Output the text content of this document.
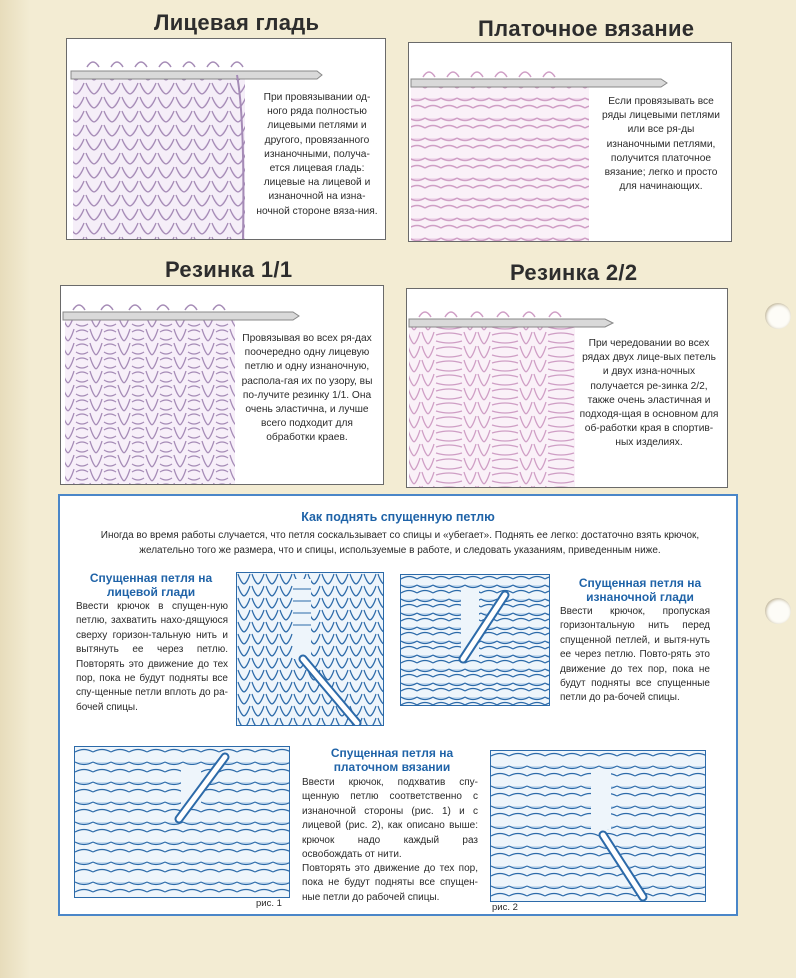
Лицевая гладь	Платочное вязание
При провязывании од-ного ряда полностью лицевыми петлями и другого, провязанного изнаночными, получа-ется лицевая гладь: лицевые на лицевой и изнаночной на изна-ночной стороне вяза-ния.
Если провязывать все ряды лицевыми петлями или все ря-ды изнаночными петлями, получится платочное вязание; легко и просто для начинающих.
Резинка 1/1	Резинка 2/2
Провязывая во всех ря-дах поочередно одну лицевую петлю и одну изнаночную, распола-гая их по узору, вы по-лучите резинку 1/1. Она очень эластична, и лучше всего подходит для обработки краев.
При чередовании во всех рядах двух лице-вых петель и двух изна-ночных получается ре-зинка 2/2, также очень эластичная и подходя-щая в основном для об-работки края в спортив-ных изделиях.
Как поднять спущенную петлю
Иногда во время работы случается, что петля соскальзывает со спицы и «убегает». Поднять ее легко: достаточно взять крючок, желательно того же размера, что и спицы, используемые в работе, и следовать указаниям, приведенным ниже.
Спущенная петля на лицевой глади
Ввести крючок в спущен-ную петлю, захватить нахо-дящуюся сверху горизон-тальную нить и вытянуть ее через петлю. Повторять это движение до тех пор, пока не будут подняты все спу-щенные петли вплоть до ра-бочей спицы.
Спущенная петля на изнаночной глади
Ввести крючок, пропуская горизонтальную нить перед спущенной петлей, и вытя-нуть ее через петлю. Повто-рять это движение до тех пор, пока не будут подняты все спущенные петли до ра-бочей спицы.
рис. 1
Спущенная петля на платочном вязании
Ввести крючок, подхватив спу-щенную петлю соответственно с изнаночной стороны (рис. 1) и с лицевой (рис. 2), как описано выше: крючок надо каждый раз освобождать от нити.
Повторять это движение до тех пор, пока не будут подняты все спущен-ные петли до рабочей спицы.
рис. 2
